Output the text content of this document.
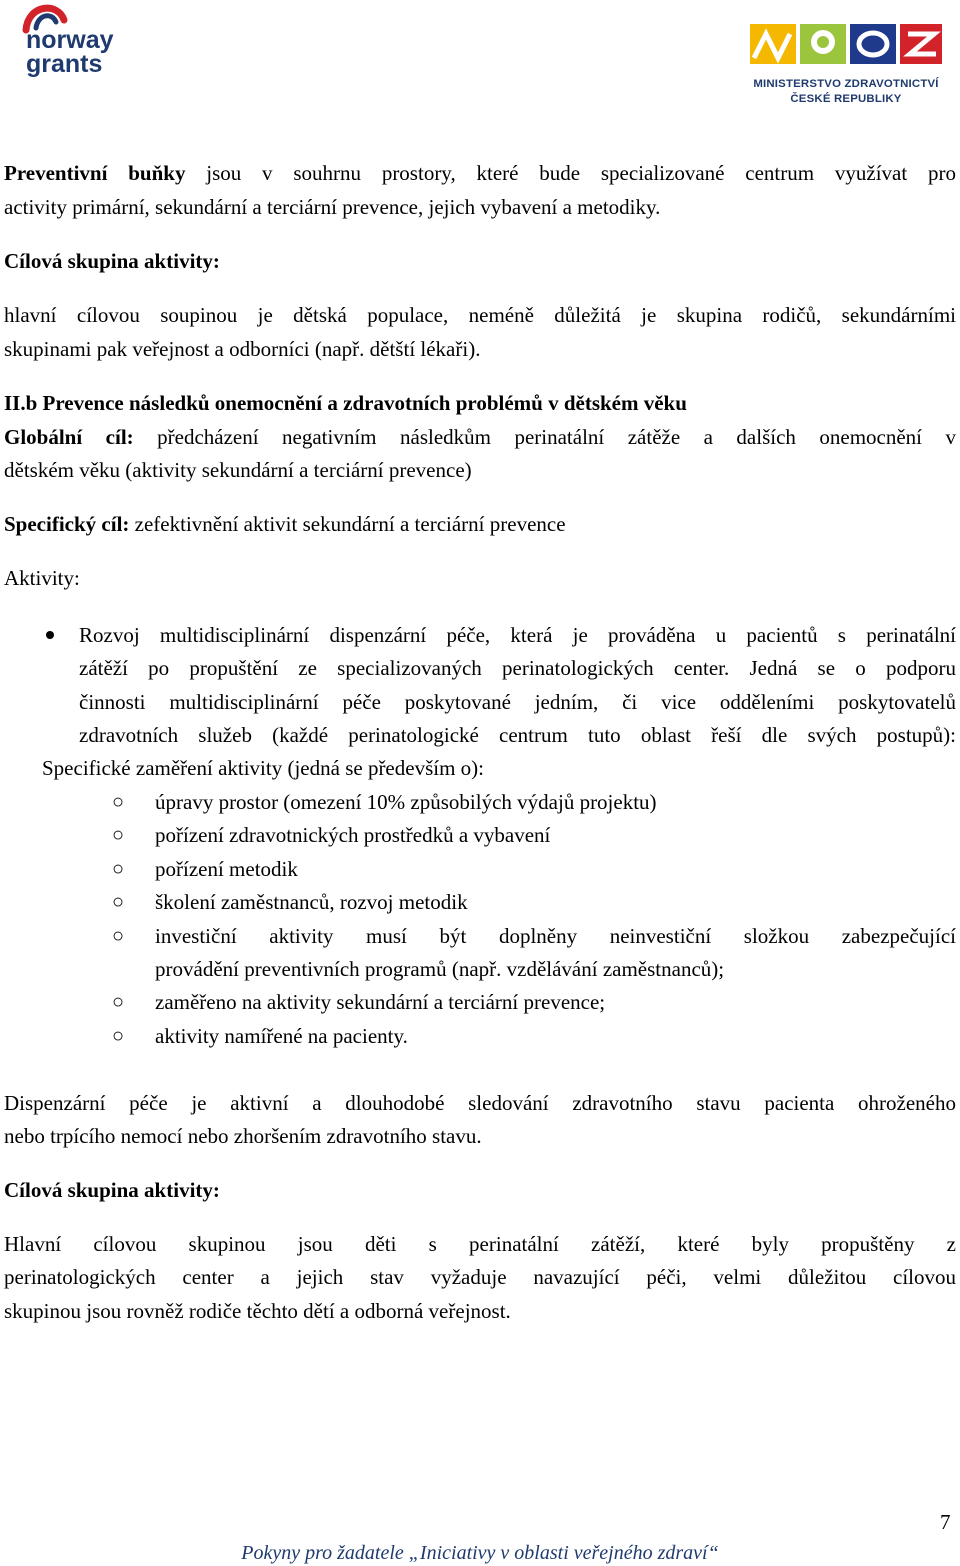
norway
grants
MINISTERSTVO ZDRAVOTNICTVÍ
ČESKÉ REPUBLIKY
Preventivní buňky jsou v souhrnu prostory, které bude specializované centrum využívat pro
activity primární, sekundární a terciární prevence, jejich vybavení a metodiky.
Cílová skupina aktivity:
hlavní cílovou soupinou je dětská populace, neméně důležitá je skupina rodičů, sekundárními
skupinami pak veřejnost a odborníci (např. dětští lékaři).
II.b Prevence následků onemocnění a zdravotních problémů v dětském věku
Globální cíl: předcházení negativním následkům perinatální zátěže a dalších onemocnění v
dětském věku (aktivity sekundární a terciární prevence)
Specifický cíl: zefektivnění aktivit sekundární a terciární prevence
Aktivity:
Rozvoj multidisciplinární dispenzární péče, která je prováděna u pacientů s perinatální
zátěží po propuštění ze specializovaných perinatologických center. Jedná se o podporu
činnosti multidisciplinární péče poskytované jedním, či vice odděleními poskytovatelů
zdravotních služeb (každé perinatologické centrum tuto oblast řeší dle svých postupů):
Specifické zaměření aktivity (jedná se především o):
○	úpravy prostor (omezení 10% způsobilých výdajů projektu)
○	pořízení zdravotnických prostředků a vybavení
○	pořízení metodik
○	školení zaměstnanců, rozvoj metodik
○	investiční aktivity musí být doplněny neinvestiční složkou zabezpečující
provádění preventivních programů (např. vzdělávání zaměstnanců);
○	zaměřeno na aktivity sekundární a terciární prevence;
○	aktivity namířené na pacienty.
Dispenzární péče je aktivní a dlouhodobé sledování zdravotního stavu pacienta ohroženého
nebo trpícího nemocí nebo zhoršením zdravotního stavu.
Cílová skupina aktivity:
Hlavní cílovou skupinou jsou děti s perinatální zátěží, které byly propuštěny z
perinatologických center a jejich stav vyžaduje navazující péči, velmi důležitou cílovou
skupinou jsou rovněž rodiče těchto dětí a odborná veřejnost.
7
Pokyny pro žadatele „Iniciativy v oblasti veřejného zdraví“
